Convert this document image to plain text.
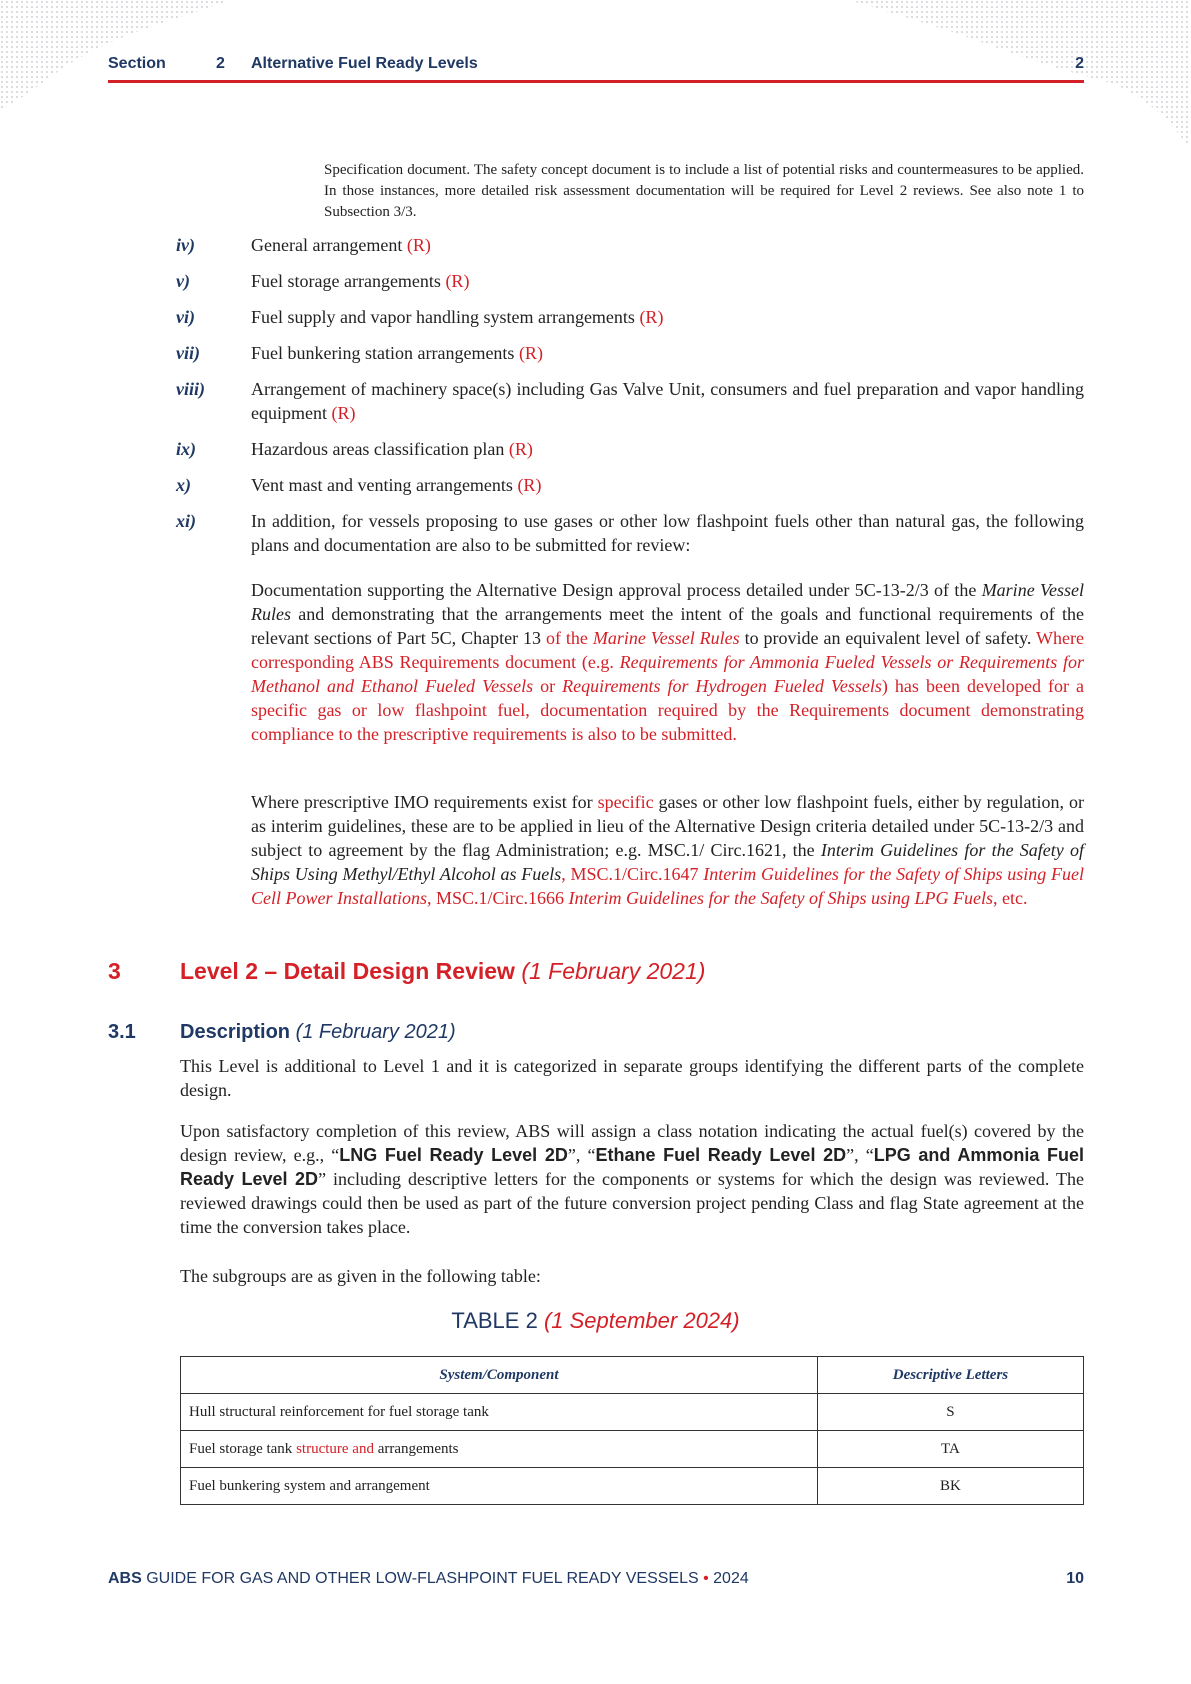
Section	2 Alternative Fuel Ready Levels	2
Specification document. The safety concept document is to include a list of potential risks and countermeasures to be applied. In those instances, more detailed risk assessment documentation will be required for Level 2 reviews. See also note 1 to Subsection 3/3.
iv)	General arrangement (R)
v)	Fuel storage arrangements (R)
vi)	Fuel supply and vapor handling system arrangements (R)
vii)	Fuel bunkering station arrangements (R)
viii)	Arrangement of machinery space(s) including Gas Valve Unit, consumers and fuel preparation and vapor handling equipment (R)
ix)	Hazardous areas classification plan (R)
x)	Vent mast and venting arrangements (R)
xi)	In addition, for vessels proposing to use gases or other low flashpoint fuels other than natural gas, the following plans and documentation are also to be submitted for review:
Documentation supporting the Alternative Design approval process detailed under 5C-13-2/3 of the Marine Vessel Rules and demonstrating that the arrangements meet the intent of the goals and functional requirements of the relevant sections of Part 5C, Chapter 13 of the Marine Vessel Rules to provide an equivalent level of safety. Where corresponding ABS Requirements document (e.g. Requirements for Ammonia Fueled Vessels or Requirements for Methanol and Ethanol Fueled Vessels or Requirements for Hydrogen Fueled Vessels) has been developed for a specific gas or low flashpoint fuel, documentation required by the Requirements document demonstrating compliance to the prescriptive requirements is also to be submitted.
Where prescriptive IMO requirements exist for specific gases or other low flashpoint fuels, either by regulation, or as interim guidelines, these are to be applied in lieu of the Alternative Design criteria detailed under 5C-13-2/3 and subject to agreement by the flag Administration; e.g. MSC.1/ Circ.1621, the Interim Guidelines for the Safety of Ships Using Methyl/Ethyl Alcohol as Fuels, MSC.1/Circ.1647 Interim Guidelines for the Safety of Ships using Fuel Cell Power Installations, MSC.1/Circ.1666 Interim Guidelines for the Safety of Ships using LPG Fuels, etc.
3	Level 2 – Detail Design Review (1 February 2021)
3.1 Description (1 February 2021)
This Level is additional to Level 1 and it is categorized in separate groups identifying the different parts of the complete design.
Upon satisfactory completion of this review, ABS will assign a class notation indicating the actual fuel(s) covered by the design review, e.g., “LNG Fuel Ready Level 2D”, “Ethane Fuel Ready Level 2D”, “LPG and Ammonia Fuel Ready Level 2D” including descriptive letters for the components or systems for which the design was reviewed. The reviewed drawings could then be used as part of the future conversion project pending Class and flag State agreement at the time the conversion takes place.
The subgroups are as given in the following table:
TABLE 2 (1 September 2024)
System/Component	Descriptive Letters
Hull structural reinforcement for fuel storage tank	S
Fuel storage tank structure and arrangements	TA
Fuel bunkering system and arrangement	BK
ABS GUIDE FOR GAS AND OTHER LOW-FLASHPOINT FUEL READY VESSELS • 2024	10
